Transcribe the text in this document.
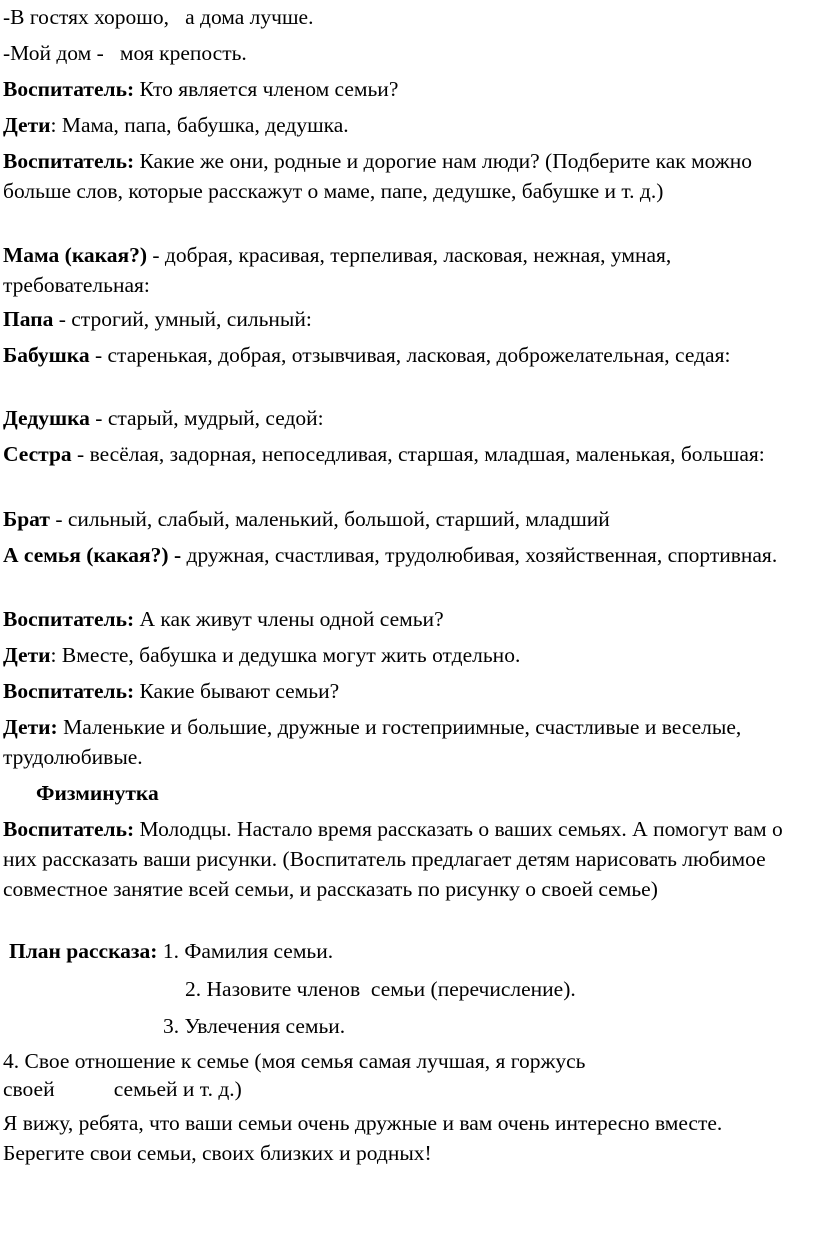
-В гостях хорошо,   а дома лучше.

-Мой дом -   моя крепость.

Воспитатель: Кто является членом семьи?

Дети: Мама, папа, бабушка, дедушка.

Воспитатель: Какие же они, родные и дорогие нам люди? (Подберите как можно больше слов, которые расскажут о маме, папе, дедушке, бабушке и т. д.)

Мама (какая?) - добрая, красивая, терпеливая, ласковая, нежная, умная, требовательная:

Папа - строгий, умный, сильный:

Бабушка - старенькая, добрая, отзывчивая, ласковая, доброжелательная, седая:

Дедушка - старый, мудрый, седой:

Сестра - весёлая, задорная, непоседливая, старшая, младшая, маленькая, большая:

Брат - сильный, слабый, маленький, большой, старший, младший

А семья (какая?) - дружная, счастливая, трудолюбивая, хозяйственная, спортивная.

Воспитатель: А как живут члены одной семьи?

Дети: Вместе, бабушка и дедушка могут жить отдельно.

Воспитатель: Какие бывают семьи?

Дети: Маленькие и большие, дружные и гостеприимные, счастливые и веселые, трудолюбивые.

Физминутка

Воспитатель: Молодцы. Настало время рассказать о ваших семьях. А помогут вам о них рассказать ваши рисунки. (Воспитатель предлагает детям нарисовать любимое совместное занятие всей семьи, и рассказать по рисунку о своей семье)

План рассказа: 1. Фамилия семьи.

2. Назовите членов  семьи (перечисление).

3. Увлечения семьи.

4. Свое отношение к семье (моя семья самая лучшая, я горжусь

своей           семьей и т. д.)

Я вижу, ребята, что ваши семьи очень дружные и вам очень интересно вместе. Берегите свои семьи, своих близких и родных!
